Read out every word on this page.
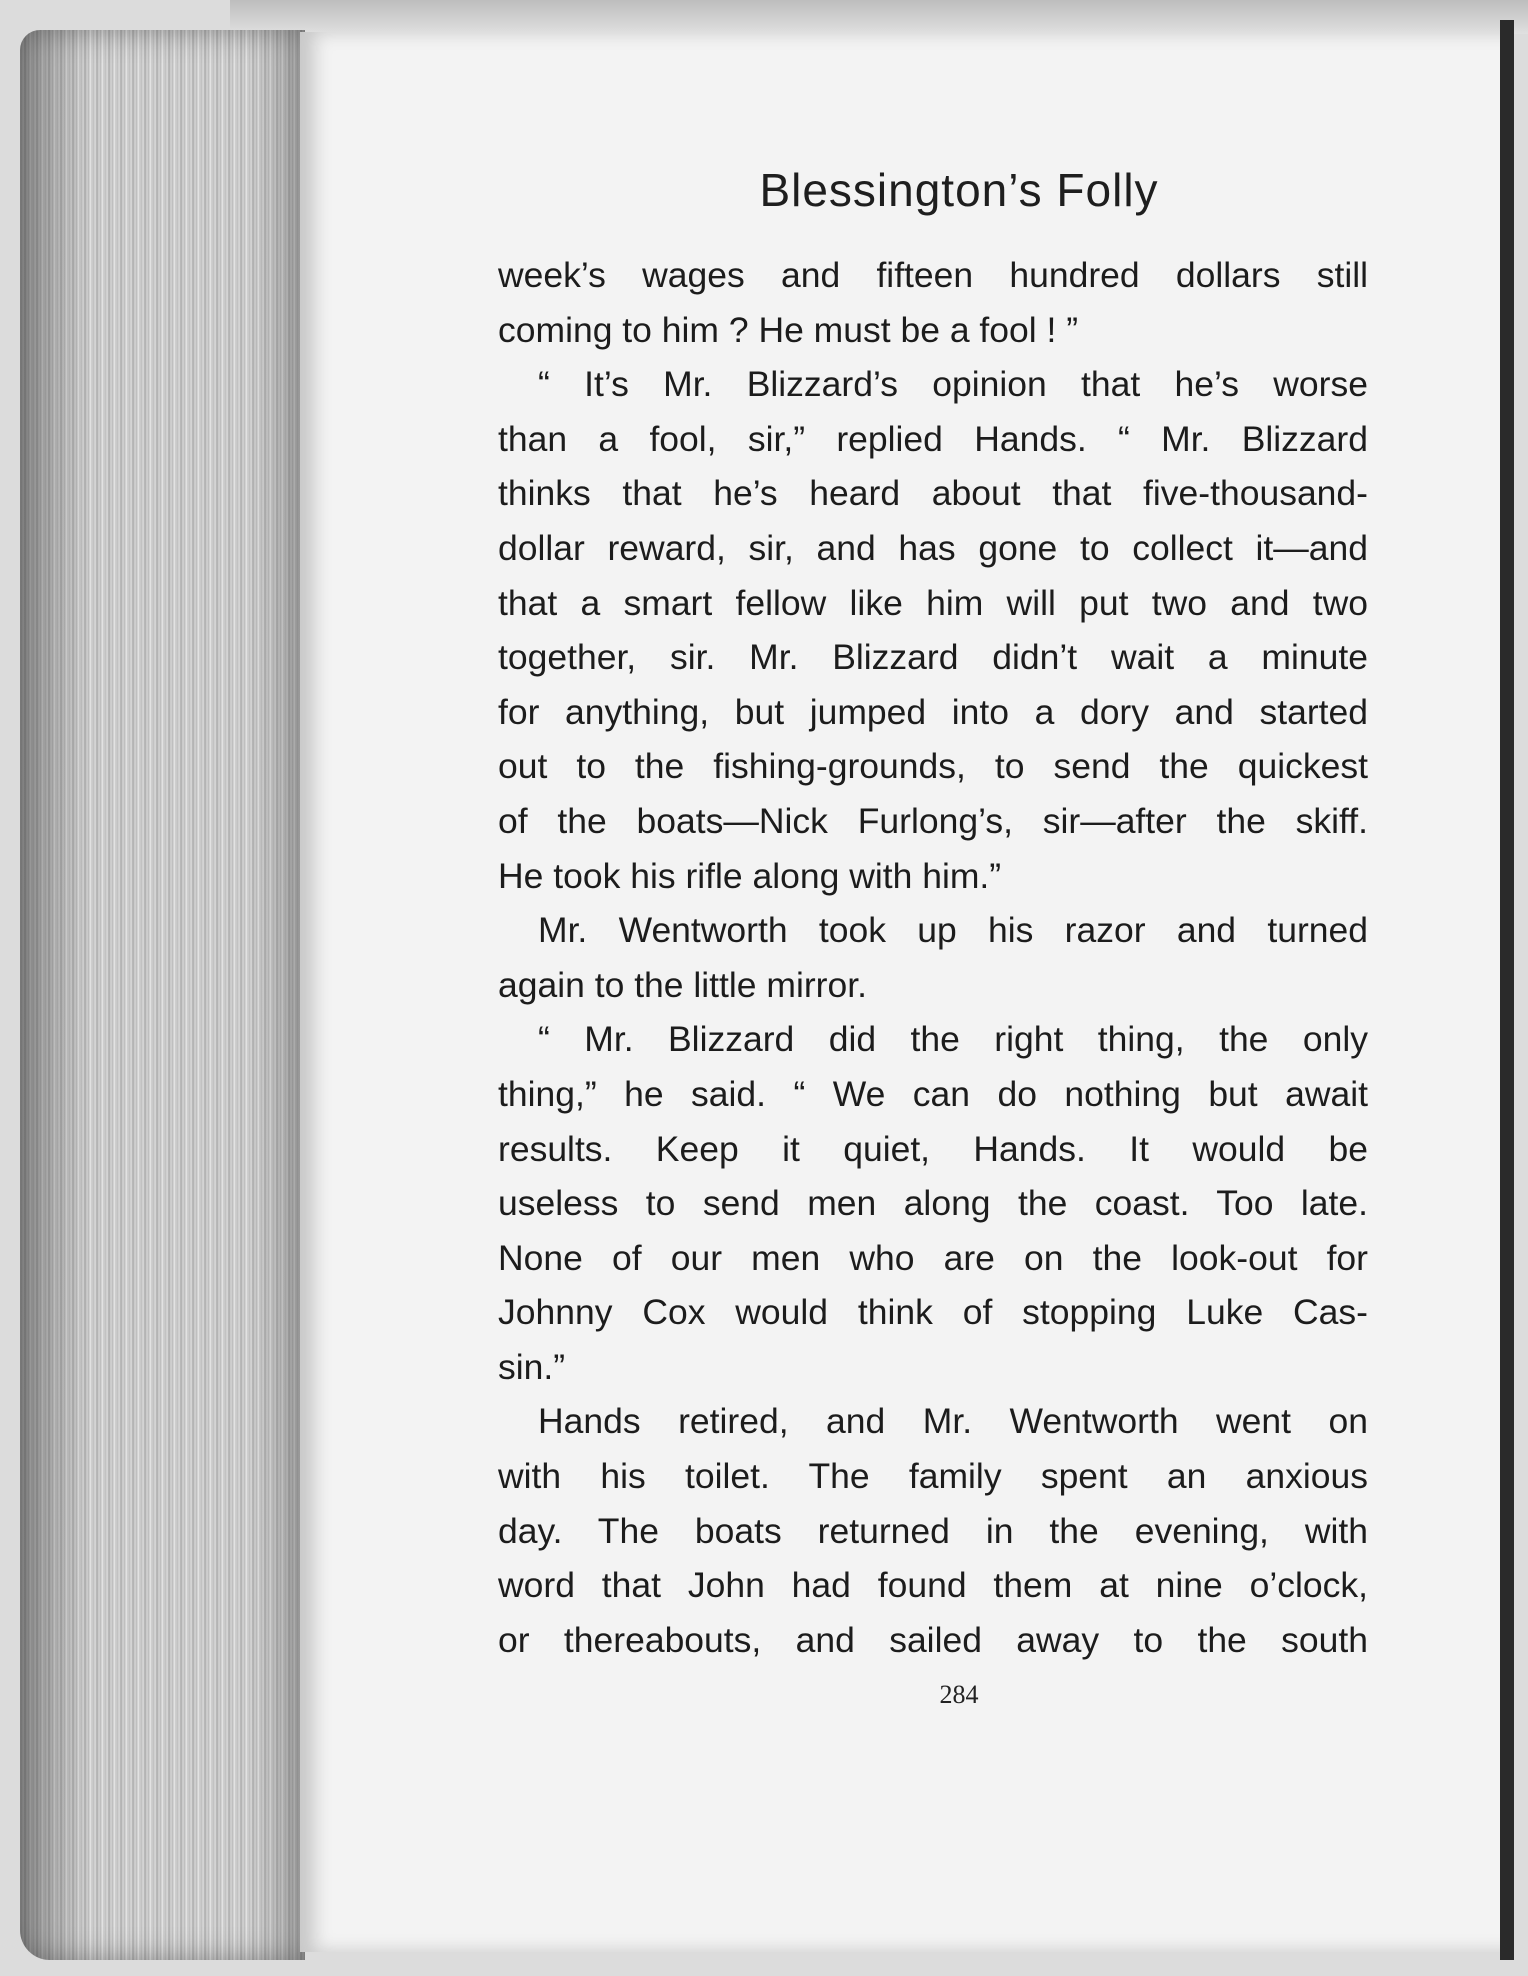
Blessington’s Folly
week’s wages and fifteen hundred dollars still
coming to him ? He must be a fool ! ”
“ It’s Mr. Blizzard’s opinion that he’s worse
than a fool, sir,” replied Hands. “ Mr. Blizzard
thinks that he’s heard about that five-thousand-
dollar reward, sir, and has gone to collect it—and
that a smart fellow like him will put two and two
together, sir. Mr. Blizzard didn’t wait a minute
for anything, but jumped into a dory and started
out to the fishing-grounds, to send the quickest
of the boats—Nick Furlong’s, sir—after the skiff.
He took his rifle along with him.”
Mr. Wentworth took up his razor and turned
again to the little mirror.
“ Mr. Blizzard did the right thing, the only
thing,” he said. “ We can do nothing but await
results. Keep it quiet, Hands. It would be
useless to send men along the coast. Too late.
None of our men who are on the look-out for
Johnny Cox would think of stopping Luke Cas-
sin.”
Hands retired, and Mr. Wentworth went on
with his toilet. The family spent an anxious
day. The boats returned in the evening, with
word that John had found them at nine o’clock,
or thereabouts, and sailed away to the south
284
